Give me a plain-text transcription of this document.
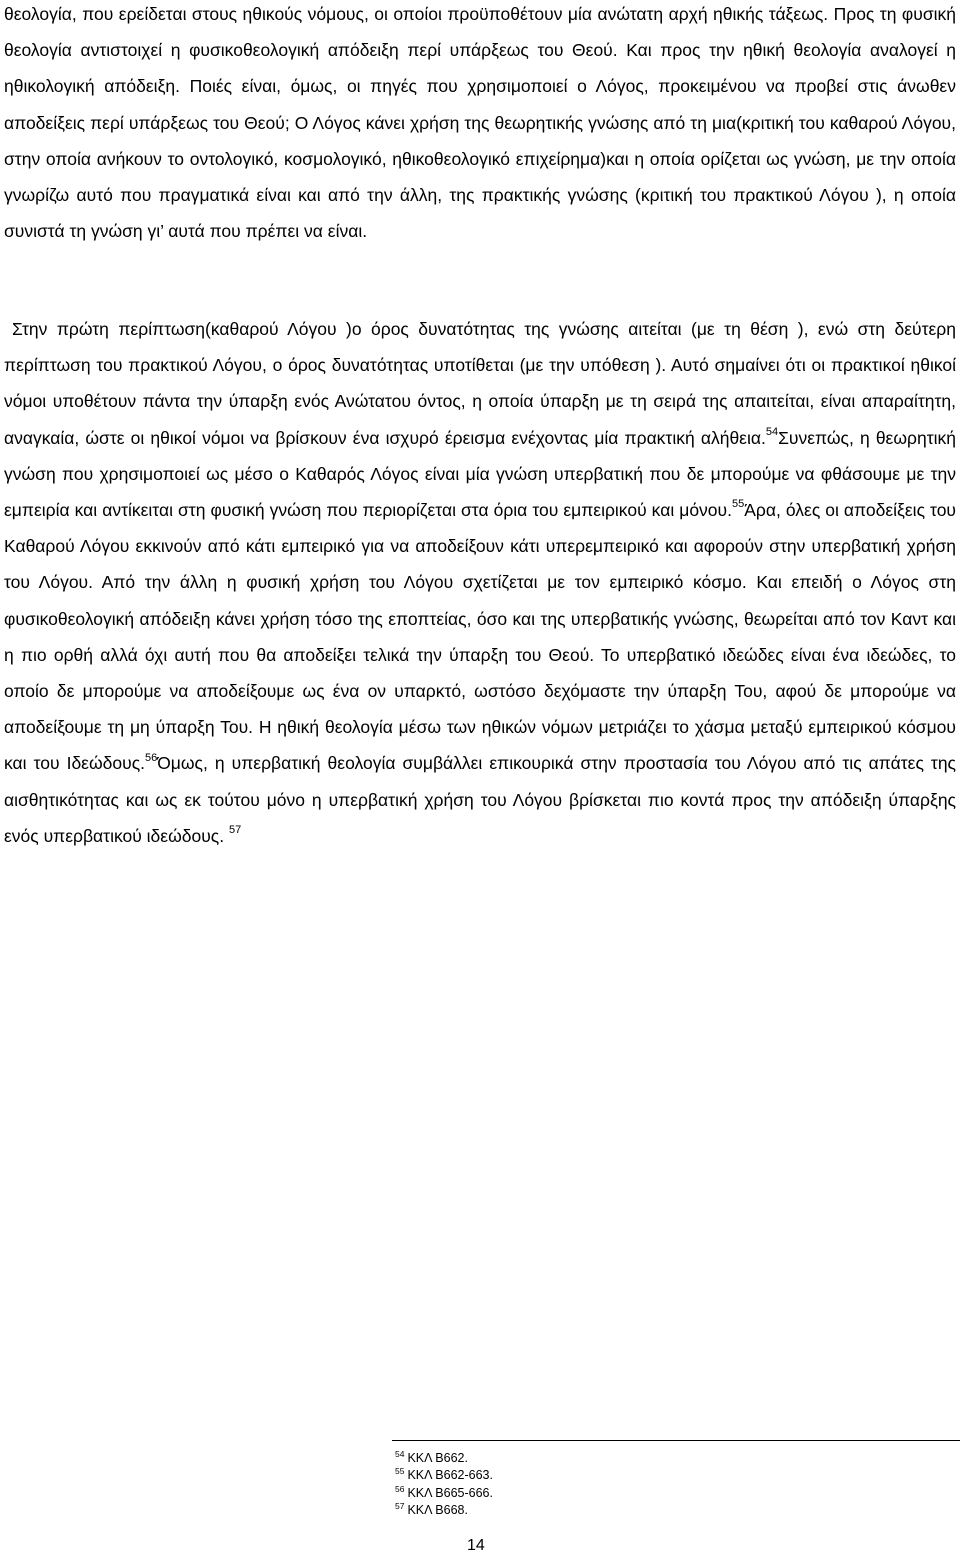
θεολογία, που ερείδεται στους ηθικούς νόμους, οι οποίοι προϋποθέτουν μία ανώτατη αρχή ηθικής τάξεως. Προς τη φυσική θεολογία αντιστοιχεί η φυσικοθεολογική απόδειξη περί υπάρξεως του Θεού. Και προς την ηθική θεολογία αναλογεί η ηθικολογική απόδειξη. Ποιές είναι, όμως, οι πηγές που χρησιμοποιεί ο Λόγος, προκειμένου να προβεί στις άνωθεν αποδείξεις περί υπάρξεως του Θεού; Ο Λόγος κάνει χρήση της θεωρητικής γνώσης από τη μια(κριτική του καθαρού Λόγου, στην οποία ανήκουν το οντολογικό, κοσμολογικό, ηθικοθεολογικό επιχείρημα)και η οποία ορίζεται ως γνώση, με την οποία γνωρίζω αυτό που πραγματικά είναι και από την άλλη, της πρακτικής γνώσης (κριτική του πρακτικού Λόγου ), η οποία συνιστά τη γνώση γι’ αυτά που πρέπει να είναι.

Στην πρώτη περίπτωση(καθαρού Λόγου )ο όρος δυνατότητας της γνώσης αιτείται (με τη θέση ), ενώ στη δεύτερη περίπτωση του πρακτικού Λόγου, ο όρος δυνατότητας υποτίθεται (με την υπόθεση ). Αυτό σημαίνει ότι οι πρακτικοί ηθικοί νόμοι υποθέτουν πάντα την ύπαρξη ενός Ανώτατου όντος, η οποία ύπαρξη με τη σειρά της απαιτείται, είναι απαραίτητη, αναγκαία, ώστε οι ηθικοί νόμοι να βρίσκουν ένα ισχυρό έρεισμα ενέχοντας μία πρακτική αλήθεια.$^{54}$Συνεπώς, η θεωρητική γνώση που χρησιμοποιεί ως μέσο ο Καθαρός Λόγος είναι μία γνώση υπερβατική που δε μπορούμε να φθάσουμε με την εμπειρία και αντίκειται στη φυσική γνώση που περιορίζεται στα όρια του εμπειρικού και μόνου.$^{55}$Άρα, όλες οι αποδείξεις του Καθαρού Λόγου εκκινούν από κάτι εμπειρικό για να αποδείξουν κάτι υπερεμπειρικό και αφορούν στην υπερβατική χρήση του Λόγου. Από την άλλη η φυσική χρήση του Λόγου σχετίζεται με τον εμπειρικό κόσμο. Και επειδή ο Λόγος στη φυσικοθεολογική απόδειξη κάνει χρήση τόσο της εποπτείας, όσο και της υπερβατικής γνώσης, θεωρείται από τον Καντ και η πιο ορθή αλλά όχι αυτή που θα αποδείξει τελικά την ύπαρξη του Θεού. Το υπερβατικό ιδεώδες είναι ένα ιδεώδες, το οποίο δε μπορούμε να αποδείξουμε ως ένα ον υπαρκτό, ωστόσο δεχόμαστε την ύπαρξη Του, αφού δε μπορούμε να αποδείξουμε τη μη ύπαρξη Του. Η ηθική θεολογία μέσω των ηθικών νόμων μετριάζει το χάσμα μεταξύ εμπειρικού κόσμου και του Ιδεώδους.$^{56}$Όμως, η υπερβατική θεολογία συμβάλλει επικουρικά στην προστασία του Λόγου από τις απάτες της αισθητικότητας και ως εκ τούτου μόνο η υπερβατική χρήση του Λόγου βρίσκεται πιο κοντά προς την απόδειξη ύπαρξης ενός υπερβατικού ιδεώδους. $^{57}$

$^{54}$ ΚΚΛ Β662.
$^{55}$ ΚΚΛ Β662-663.
$^{56}$ ΚΚΛ Β665-666.
$^{57}$ ΚΚΛ Β668.
14
